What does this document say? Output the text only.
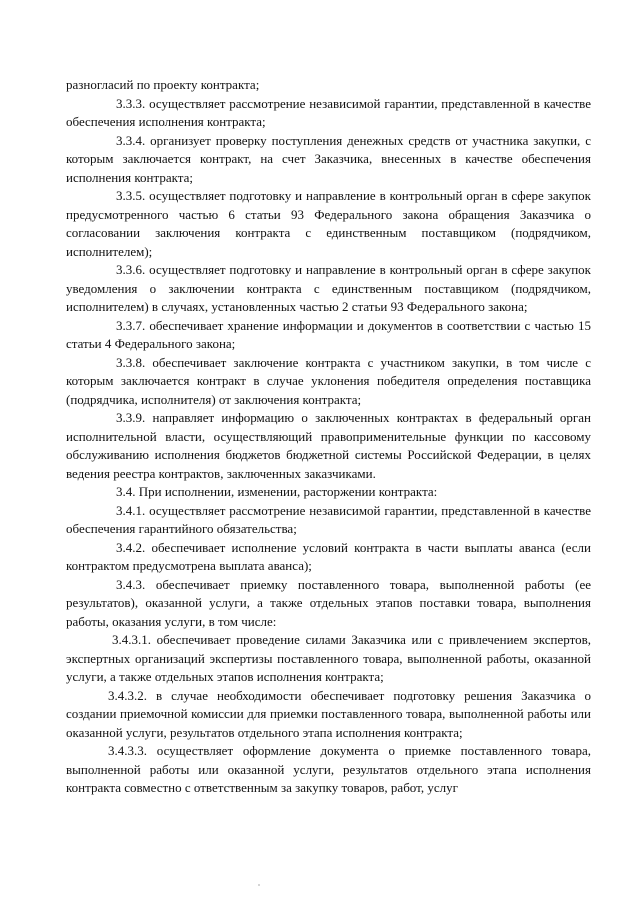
разногласий по проекту контракта;

3.3.3. осуществляет рассмотрение независимой гарантии, представленной в качестве обеспечения исполнения контракта;

3.3.4. организует проверку поступления денежных средств от участника закупки, с которым заключается контракт, на счет Заказчика, внесенных в качестве обеспечения исполнения контракта;

3.3.5. осуществляет подготовку и направление в контрольный орган в сфере закупок предусмотренного частью 6 статьи 93 Федерального закона обращения Заказчика о согласовании заключения контракта с единственным поставщиком (подрядчиком, исполнителем);

3.3.6. осуществляет подготовку и направление в контрольный орган в сфере закупок уведомления о заключении контракта с единственным поставщиком (подрядчиком, исполнителем) в случаях, установленных частью 2 статьи 93 Федерального закона;

3.3.7. обеспечивает хранение информации и документов в соответствии с частью 15 статьи 4 Федерального закона;

3.3.8. обеспечивает заключение контракта с участником закупки, в том числе с которым заключается контракт в случае уклонения победителя определения поставщика (подрядчика, исполнителя) от заключения контракта;

3.3.9. направляет информацию о заключенных контрактах в федеральный орган исполнительной власти, осуществляющий правоприменительные функции по кассовому обслуживанию исполнения бюджетов бюджетной системы Российской Федерации, в целях ведения реестра контрактов, заключенных заказчиками.

3.4. При исполнении, изменении, расторжении контракта:

3.4.1. осуществляет рассмотрение независимой гарантии, представленной в качестве обеспечения гарантийного обязательства;

3.4.2. обеспечивает исполнение условий контракта в части выплаты аванса (если контрактом предусмотрена выплата аванса);

3.4.3. обеспечивает приемку поставленного товара, выполненной работы (ее результатов), оказанной услуги, а также отдельных этапов поставки товара, выполнения работы, оказания услуги, в том числе:

3.4.3.1. обеспечивает проведение силами Заказчика или с привлечением экспертов, экспертных организаций экспертизы поставленного товара, выполненной работы, оказанной услуги, а также отдельных этапов исполнения контракта;

3.4.3.2. в случае необходимости обеспечивает подготовку решения Заказчика о создании приемочной комиссии для приемки поставленного товара, выполненной работы или оказанной услуги, результатов отдельного этапа исполнения контракта;

3.4.3.3. осуществляет оформление документа о приемке поставленного товара, выполненной работы или оказанной услуги, результатов отдельного этапа исполнения контракта совместно с ответственным за закупку товаров, работ, услуг
